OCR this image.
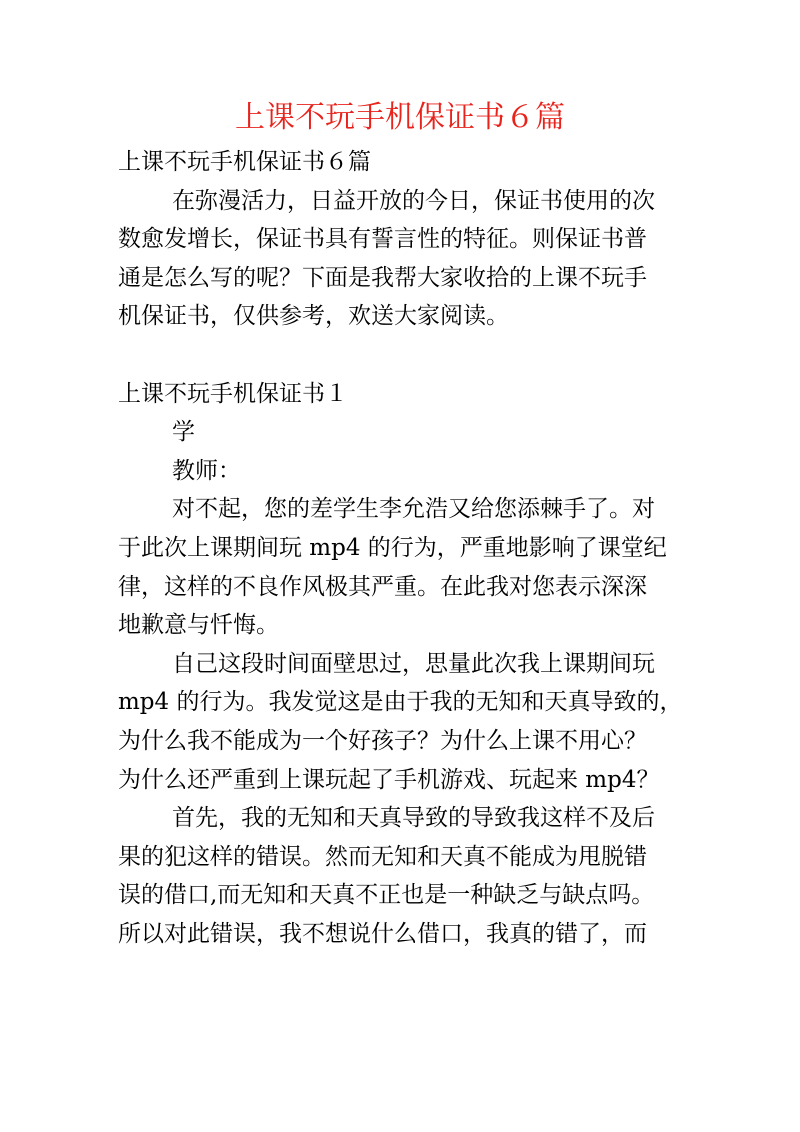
上课不玩手机保证书６篇
上课不玩手机保证书６篇
在弥漫活力，日益开放的今日，保证书使用的次
数愈发增长，保证书具有誓言性的特征。则保证书普
通是怎么写的呢？下面是我帮大家收拾的上课不玩手
机保证书，仅供参考，欢送大家阅读。
上课不玩手机保证书１
学
教师：
对不起，您的差学生李允浩又给您添棘手了。对
于此次上课期间玩 mp4 的行为，严重地影响了课堂纪
律，这样的不良作风极其严重。在此我对您表示深深
地歉意与忏悔。
自己这段时间面壁思过，思量此次我上课期间玩
mp4 的行为。我发觉这是由于我的无知和天真导致的，
为什么我不能成为一个好孩子？为什么上课不用心？
为什么还严重到上课玩起了手机游戏、玩起来 mp4？
首先，我的无知和天真导致的导致我这样不及后
果的犯这样的错误。然而无知和天真不能成为甩脱错
误的借口,而无知和天真不正也是一种缺乏与缺点吗。
所以对此错误，我不想说什么借口，我真的错了，而
